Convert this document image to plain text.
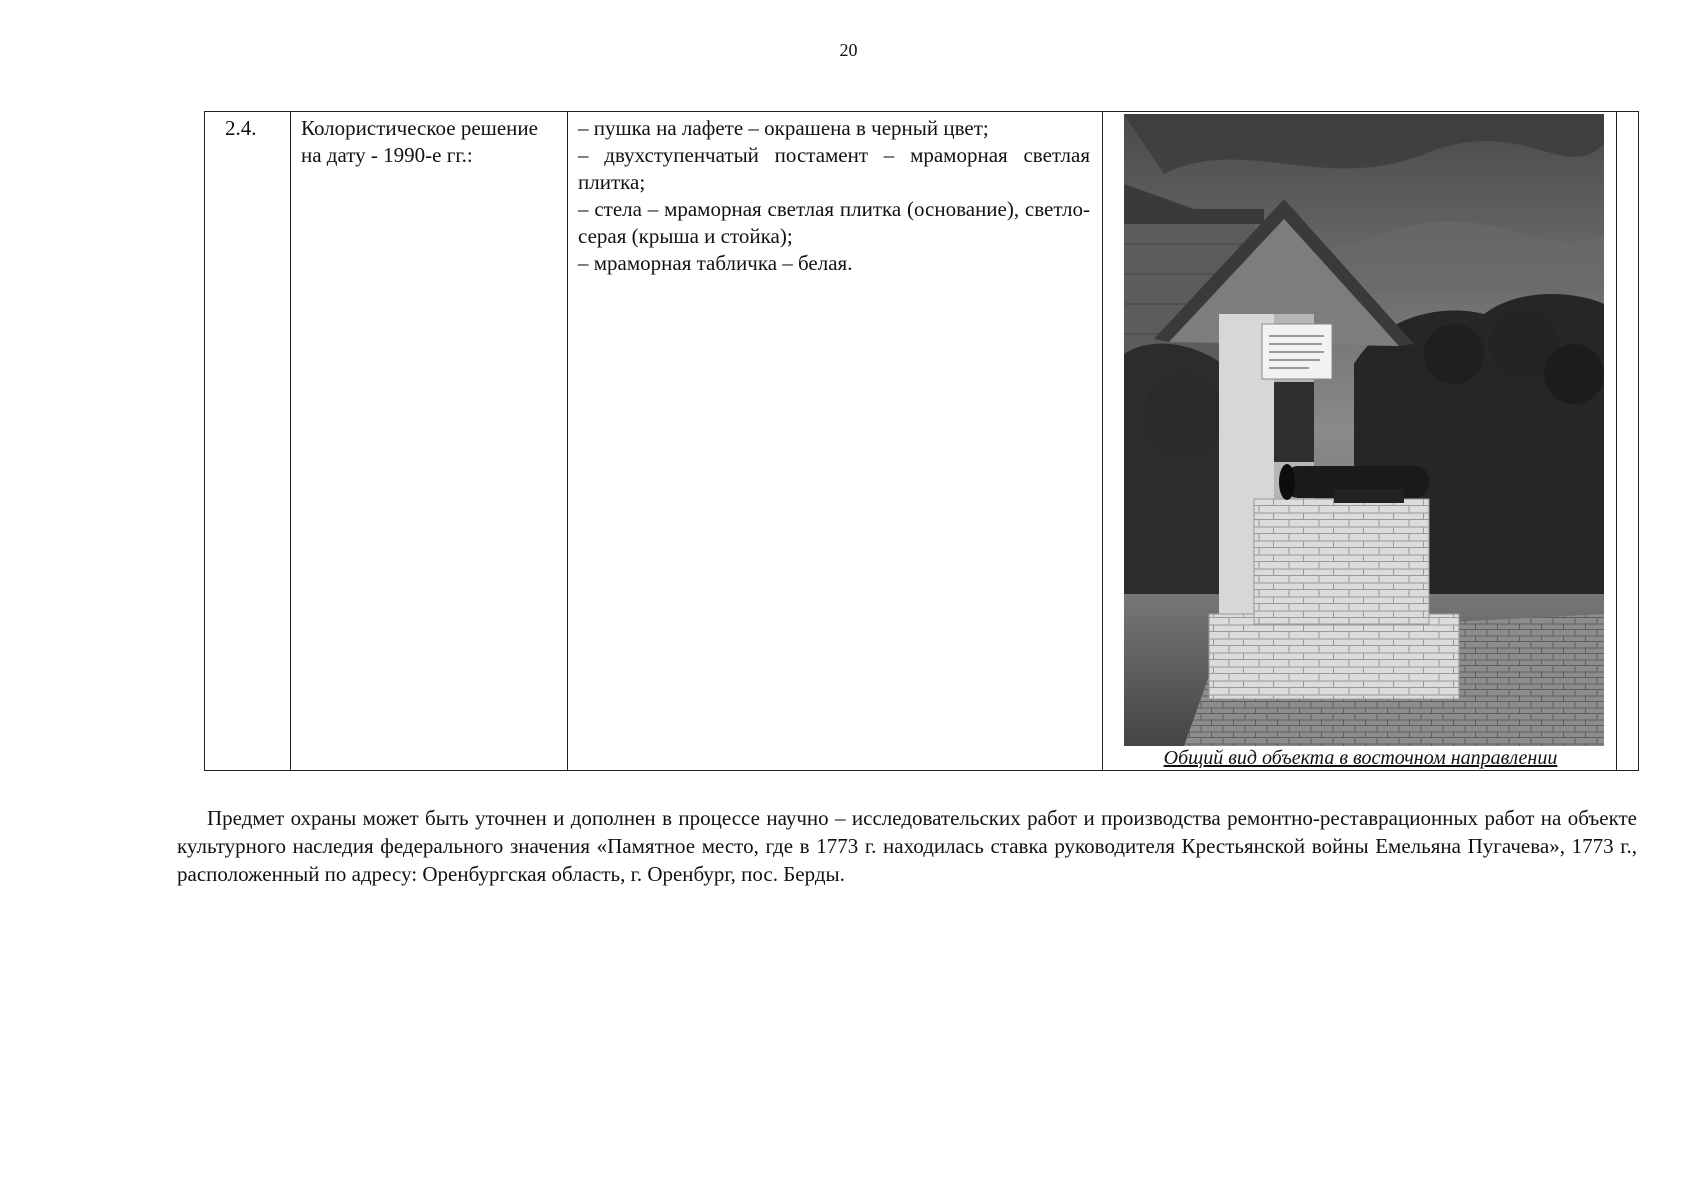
20
2.4. Колористическое решение на дату - 1990-е гг.:

– пушка на лафете – окрашена в черный цвет;

– двухступенчатый постамент – мраморная светлая плитка;

– стела – мраморная светлая плитка (основание), светло-серая (крыша и стойка);

– мраморная табличка – белая.

Общий вид объекта в восточном направлении

Предмет охраны может быть уточнен и дополнен в процессе научно – исследовательских работ и производства ремонтно-реставрационных работ на объекте культурного наследия федерального значения «Памятное место, где в 1773 г. находилась ставка руководителя Крестьянской войны Емельяна Пугачева», 1773 г., расположенный по адресу: Оренбургская область, г. Оренбург, пос. Берды.
